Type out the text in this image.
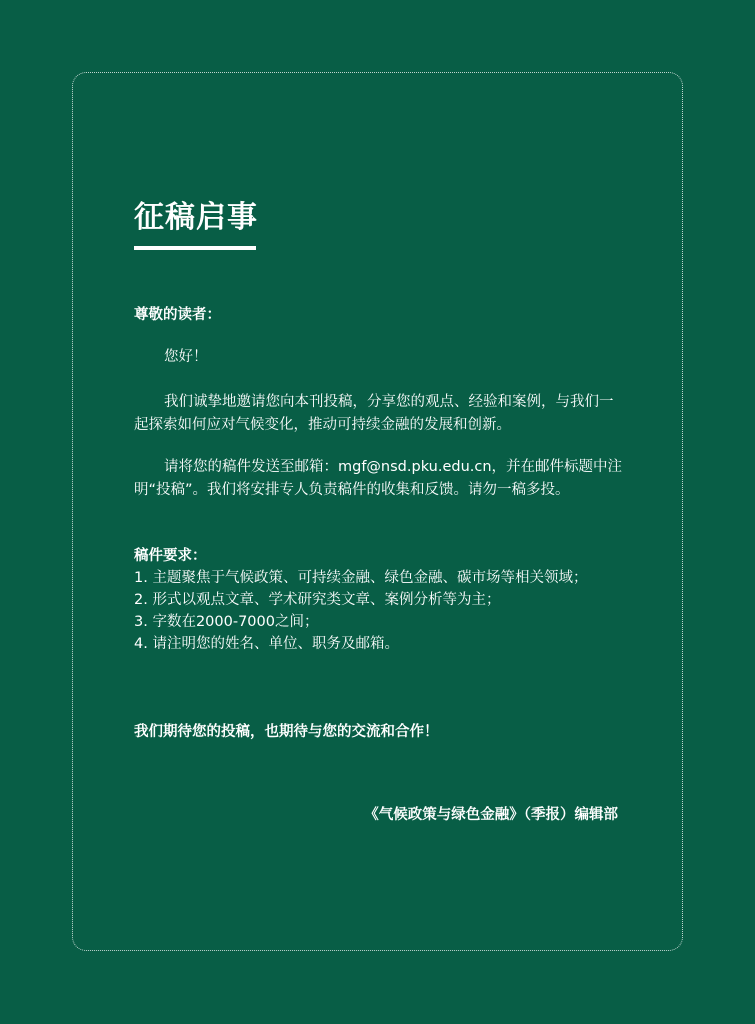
征稿启事

尊敬的读者：

您好！

我们诚挚地邀请您向本刊投稿，分享您的观点、经验和案例，与我们一起探索如何应对气候变化，推动可持续金融的发展和创新。

请将您的稿件发送至邮箱：mgf@nsd.pku.edu.cn，并在邮件标题中注明“投稿”。我们将安排专人负责稿件的收集和反馈。请勿一稿多投。

稿件要求：
1. 主题聚焦于气候政策、可持续金融、绿色金融、碳市场等相关领域；
2. 形式以观点文章、学术研究类文章、案例分析等为主；
3. 字数在2000-7000之间；
4. 请注明您的姓名、单位、职务及邮箱。

我们期待您的投稿，也期待与您的交流和合作！

《气候政策与绿色金融》（季报）编辑部
